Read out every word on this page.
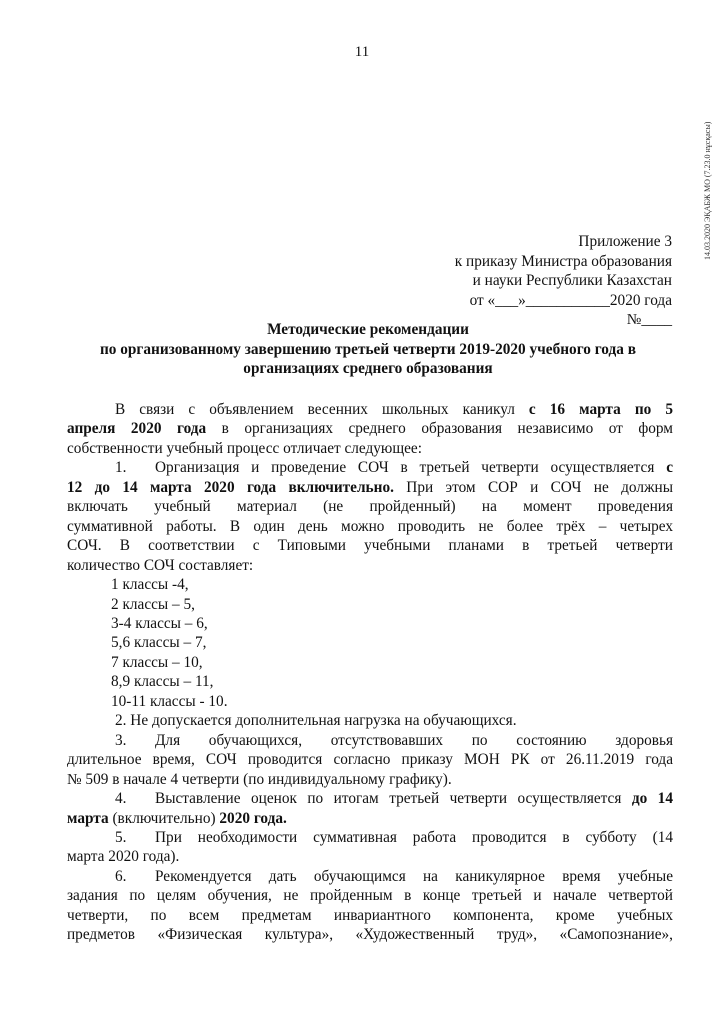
11
14.03.2020 ЭҚАБЖ МО (7.23.0 нұсқасы)
Приложение 3
к приказу Министра образования
и науки Республики Казахстан
от «___»___________2020 года
№____
Методические рекомендации
по организованному завершению третьей четверти 2019-2020 учебного года в
организациях среднего образования

В связи с объявлением весенних школьных каникул с 16 марта по 5

апреля 2020 года в организациях среднего образования независимо от форм

собственности учебный процесс отличает следующее:

1. Организация и проведение СОЧ в третьей четверти осуществляется с

12 до 14 марта 2020 года включительно. При этом СОР и СОЧ не должны

включать учебный материал (не пройденный) на момент проведения

суммативной работы. В один день можно проводить не более трёх – четырех

СОЧ. В соответствии с Типовыми учебными планами в третьей четверти

количество СОЧ составляет:

1 классы -4,

2 классы – 5,

3-4 классы – 6,

5,6 классы – 7,

7 классы – 10,

8,9 классы – 11,

10-11 классы - 10.

2. Не допускается дополнительная нагрузка на обучающихся.

3. Для обучающихся, отсутствовавших по состоянию здоровья

длительное время, СОЧ проводится согласно приказу МОН РК от 26.11.2019 года

№ 509 в начале 4 четверти (по индивидуальному графику).

4. Выставление оценок по итогам третьей четверти осуществляется до 14

марта (включительно) 2020 года.

5. При необходимости суммативная работа проводится в субботу (14

марта 2020 года).

6. Рекомендуется дать обучающимся на каникулярное время учебные

задания по целям обучения, не пройденным в конце третьей и начале четвертой

четверти, по всем предметам инвариантного компонента, кроме учебных

предметов «Физическая культура», «Художественный труд», «Самопознание»,
